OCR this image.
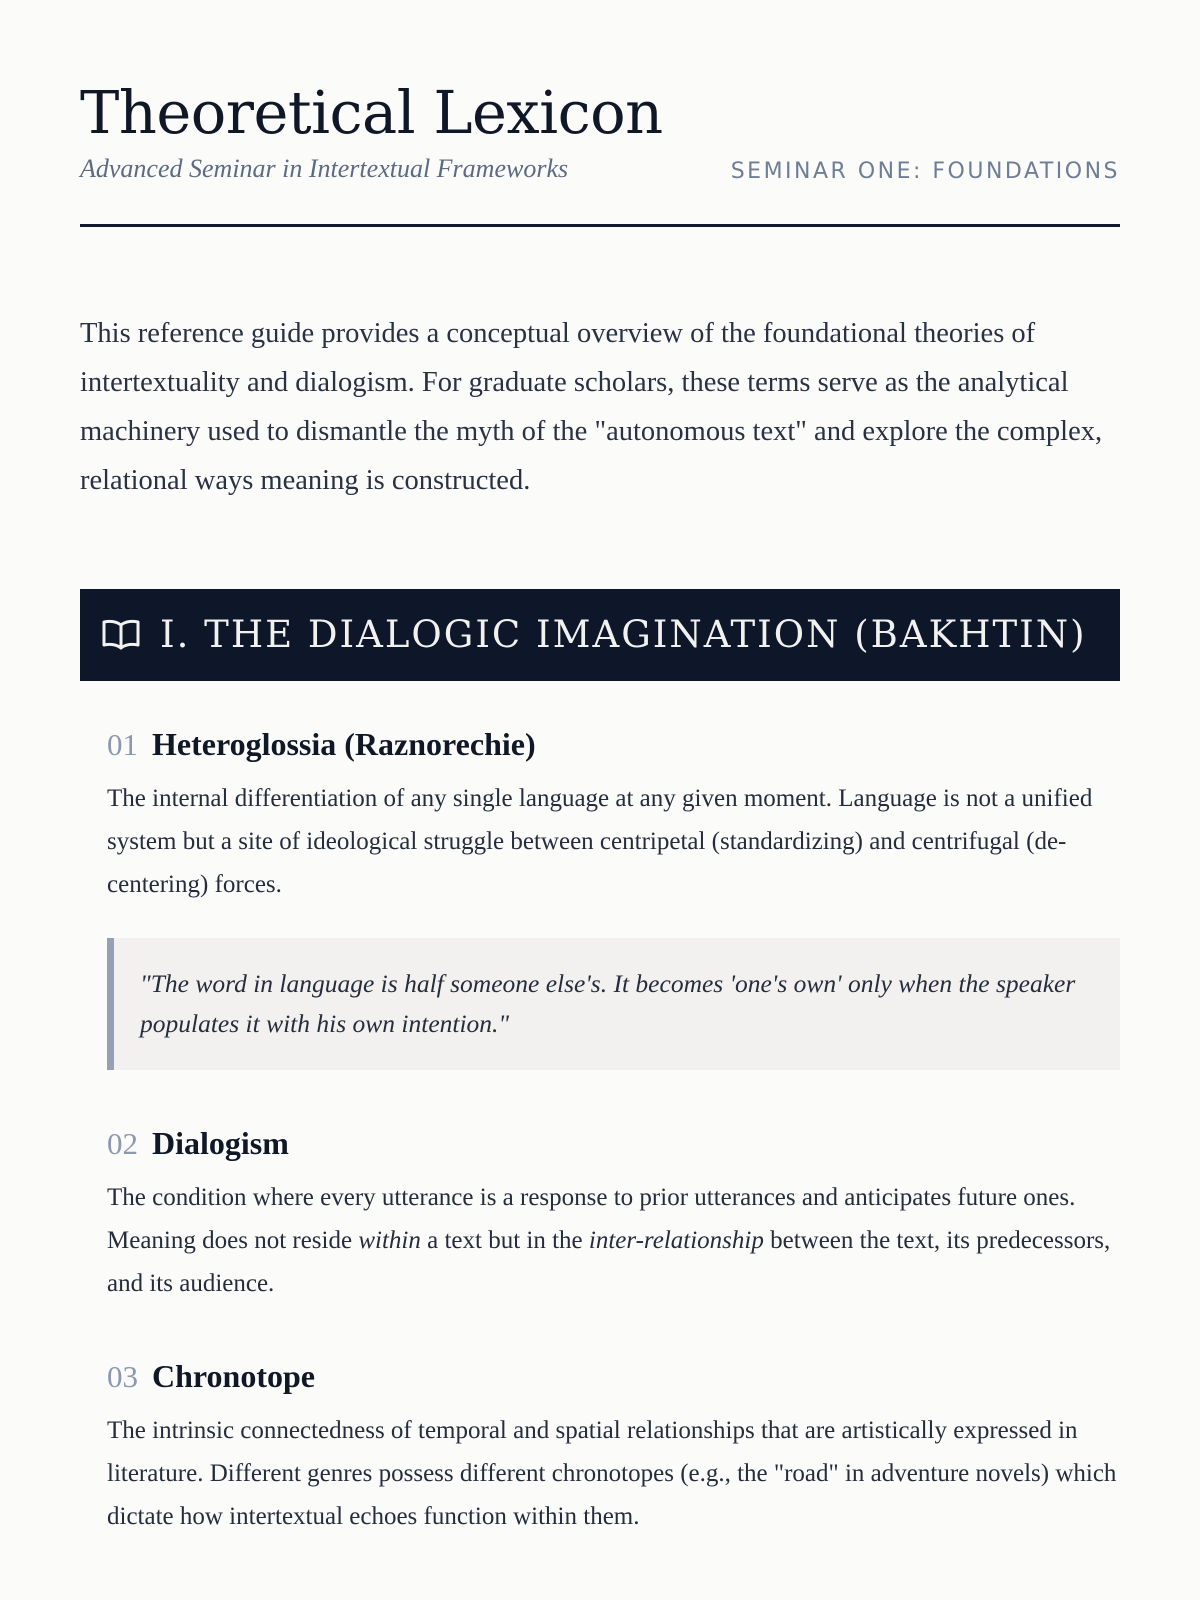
Theoretical Lexicon
Advanced Seminar in Intertextual Frameworks	SEMINAR ONE: FOUNDATIONS

This reference guide provides a conceptual overview of the foundational theories of intertextuality and dialogism. For graduate scholars, these terms serve as the analytical machinery used to dismantle the myth of the "autonomous text" and explore the complex, relational ways meaning is constructed.

I. THE DIALOGIC IMAGINATION (BAKHTIN)
01 Heteroglossia (Raznorechie)

The internal differentiation of any single language at any given moment. Language is not a unified system but a site of ideological struggle between centripetal (standardizing) and centrifugal (de-centering) forces.

"The word in language is half someone else's. It becomes 'one's own' only when the speaker populates it with his own intention."
02 Dialogism

The condition where every utterance is a response to prior utterances and anticipates future ones. Meaning does not reside within a text but in the inter-relationship between the text, its predecessors, and its audience.

03 Chronotope

The intrinsic connectedness of temporal and spatial relationships that are artistically expressed in literature. Different genres possess different chronotopes (e.g., the "road" in adventure novels) which dictate how intertextual echoes function within them.
